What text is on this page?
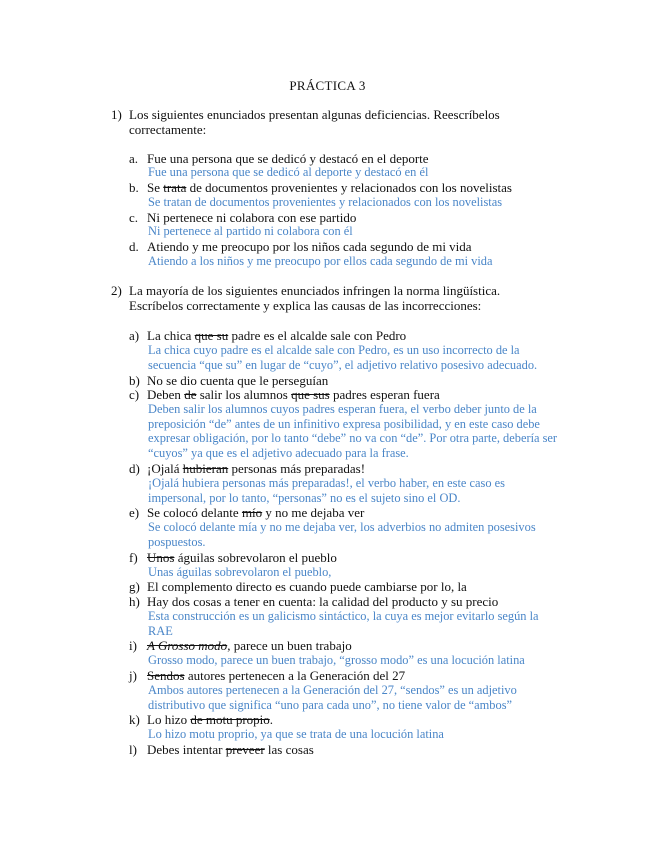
PRÁCTICA 3
1) Los siguientes enunciados presentan algunas deficiencias. Reescríbelos correctamente:
a. Fue una persona que se dedicó y destacó en el deporte
Fue una persona que se dedicó al deporte y destacó en él
b. Se trata de documentos provenientes y relacionados con los novelistas
Se tratan de documentos provenientes y relacionados con los novelistas
c. Ni pertenece ni colabora con ese partido
Ni pertenece al partido ni colabora con él
d. Atiendo y me preocupo por los niños cada segundo de mi vida
Atiendo a los niños y me preocupo por ellos cada segundo de mi vida
2) La mayoría de los siguientes enunciados infringen la norma lingüística. Escríbelos correctamente y explica las causas de las incorrecciones:
a) La chica que su padre es el alcalde sale con Pedro
La chica cuyo padre es el alcalde sale con Pedro, es un uso incorrecto de la secuencia “que su” en lugar de “cuyo”, el adjetivo relativo posesivo adecuado.
b) No se dio cuenta que le perseguían
c) Deben de salir los alumnos que sus padres esperan fuera
Deben salir los alumnos cuyos padres esperan fuera, el verbo deber junto de la preposición “de” antes de un infinitivo expresa posibilidad, y en este caso debe expresar obligación, por lo tanto “debe” no va con “de”. Por otra parte, debería ser “cuyos” ya que es el adjetivo adecuado para la frase.
d) ¡Ojalá hubieran personas más preparadas!
¡Ojalá hubiera personas más preparadas!, el verbo haber, en este caso es impersonal, por lo tanto, “personas” no es el sujeto sino el OD.
e) Se colocó delante mío y no me dejaba ver
Se colocó delante mía y no me dejaba ver, los adverbios no admiten posesivos pospuestos.
f) Unos águilas sobrevolaron el pueblo
Unas águilas sobrevolaron el pueblo,
g) El complemento directo es cuando puede cambiarse por lo, la
h) Hay dos cosas a tener en cuenta: la calidad del producto y su precio
Esta construcción es un galicismo sintáctico, la cuya es mejor evitarlo según la RAE
i) A Grosso modo, parece un buen trabajo
Grosso modo, parece un buen trabajo, “grosso modo” es una locución latina
j) Sendos autores pertenecen a la Generación del 27
Ambos autores pertenecen a la Generación del 27, “sendos” es un adjetivo distributivo que significa “uno para cada uno”, no tiene valor de “ambos”
k) Lo hizo de motu propio.
Lo hizo motu proprio, ya que se trata de una locución latina
l) Debes intentar preveer las cosas
